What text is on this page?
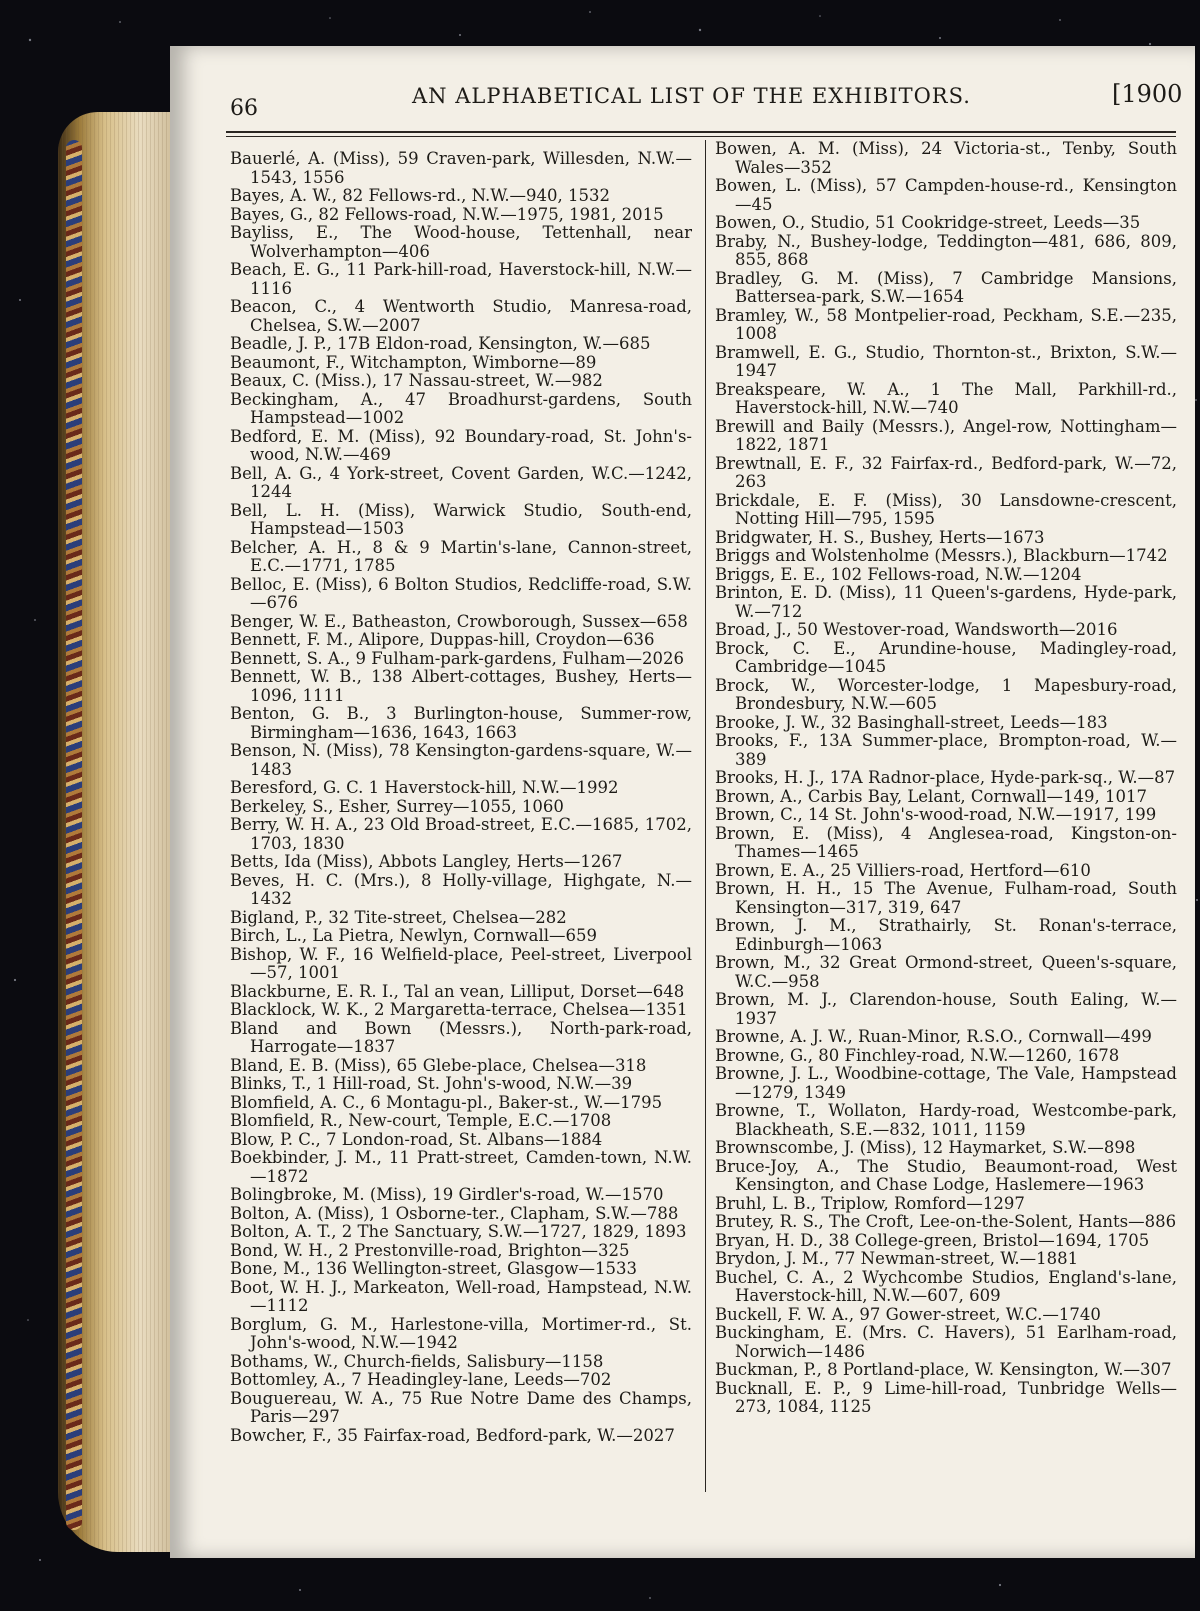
66	AN ALPHABETICAL LIST OF THE EXHIBITORS.	[1900
Bauerlé, A. (Miss), 59 Craven-park, Willesden, N.W.—1543, 1556
Bayes, A. W., 82 Fellows-rd., N.W.—940, 1532
Bayes, G., 82 Fellows-road, N.W.—1975, 1981, 2015
Bayliss, E., The Wood-house, Tettenhall, near Wolverhampton—406
Beach, E. G., 11 Park-hill-road, Haverstock-hill, N.W.—1116
Beacon, C., 4 Wentworth Studio, Manresa-road, Chelsea, S.W.—2007
Beadle, J. P., 17B Eldon-road, Kensington, W.—685
Beaumont, F., Witchampton, Wimborne—89
Beaux, C. (Miss.), 17 Nassau-street, W.—982
Beckingham, A., 47 Broadhurst-gardens, South Hampstead—1002
Bedford, E. M. (Miss), 92 Boundary-road, St. John's-wood, N.W.—469
Bell, A. G., 4 York-street, Covent Garden, W.C.—1242, 1244
Bell, L. H. (Miss), Warwick Studio, South-end, Hampstead—1503
Belcher, A. H., 8 & 9 Martin's-lane, Cannon-street, E.C.—1771, 1785
Belloc, E. (Miss), 6 Bolton Studios, Redcliffe-road, S.W.—676
Benger, W. E., Batheaston, Crowborough, Sussex—658
Bennett, F. M., Alipore, Duppas-hill, Croydon—636
Bennett, S. A., 9 Fulham-park-gardens, Fulham—2026
Bennett, W. B., 138 Albert-cottages, Bushey, Herts—1096, 1111
Benton, G. B., 3 Burlington-house, Summer-row, Birmingham—1636, 1643, 1663
Benson, N. (Miss), 78 Kensington-gardens-square, W.—1483
Beresford, G. C. 1 Haverstock-hill, N.W.—1992
Berkeley, S., Esher, Surrey—1055, 1060
Berry, W. H. A., 23 Old Broad-street, E.C.—1685, 1702, 1703, 1830
Betts, Ida (Miss), Abbots Langley, Herts—1267
Beves, H. C. (Mrs.), 8 Holly-village, Highgate, N.—1432
Bigland, P., 32 Tite-street, Chelsea—282
Birch, L., La Pietra, Newlyn, Cornwall—659
Bishop, W. F., 16 Welfield-place, Peel-street, Liverpool—57, 1001
Blackburne, E. R. I., Tal an vean, Lilliput, Dorset—648
Blacklock, W. K., 2 Margaretta-terrace, Chelsea—1351
Bland and Bown (Messrs.), North-park-road, Harrogate—1837
Bland, E. B. (Miss), 65 Glebe-place, Chelsea—318
Blinks, T., 1 Hill-road, St. John's-wood, N.W.—39
Blomfield, A. C., 6 Montagu-pl., Baker-st., W.—1795
Blomfield, R., New-court, Temple, E.C.—1708
Blow, P. C., 7 London-road, St. Albans—1884
Boekbinder, J. M., 11 Pratt-street, Camden-town, N.W.—1872
Bolingbroke, M. (Miss), 19 Girdler's-road, W.—1570
Bolton, A. (Miss), 1 Osborne-ter., Clapham, S.W.—788
Bolton, A. T., 2 The Sanctuary, S.W.—1727, 1829, 1893
Bond, W. H., 2 Prestonville-road, Brighton—325
Bone, M., 136 Wellington-street, Glasgow—1533
Boot, W. H. J., Markeaton, Well-road, Hampstead, N.W.—1112
Borglum, G. M., Harlestone-villa, Mortimer-rd., St. John's-wood, N.W.—1942
Bothams, W., Church-fields, Salisbury—1158
Bottomley, A., 7 Headingley-lane, Leeds—702
Bouguereau, W. A., 75 Rue Notre Dame des Champs, Paris—297
Bowcher, F., 35 Fairfax-road, Bedford-park, W.—2027
Bowen, A. M. (Miss), 24 Victoria-st., Tenby, South Wales—352
Bowen, L. (Miss), 57 Campden-house-rd., Kensington—45
Bowen, O., Studio, 51 Cookridge-street, Leeds—35
Braby, N., Bushey-lodge, Teddington—481, 686, 809, 855, 868
Bradley, G. M. (Miss), 7 Cambridge Mansions, Battersea-park, S.W.—1654
Bramley, W., 58 Montpelier-road, Peckham, S.E.—235, 1008
Bramwell, E. G., Studio, Thornton-st., Brixton, S.W.—1947
Breakspeare, W. A., 1 The Mall, Parkhill-rd., Haverstock-hill, N.W.—740
Brewill and Baily (Messrs.), Angel-row, Nottingham—1822, 1871
Brewtnall, E. F., 32 Fairfax-rd., Bedford-park, W.—72, 263
Brickdale, E. F. (Miss), 30 Lansdowne-crescent, Notting Hill—795, 1595
Bridgwater, H. S., Bushey, Herts—1673
Briggs and Wolstenholme (Messrs.), Blackburn—1742
Briggs, E. E., 102 Fellows-road, N.W.—1204
Brinton, E. D. (Miss), 11 Queen's-gardens, Hyde-park, W.—712
Broad, J., 50 Westover-road, Wandsworth—2016
Brock, C. E., Arundine-house, Madingley-road, Cambridge—1045
Brock, W., Worcester-lodge, 1 Mapesbury-road, Brondesbury, N.W.—605
Brooke, J. W., 32 Basinghall-street, Leeds—183
Brooks, F., 13A Summer-place, Brompton-road, W.—389
Brooks, H. J., 17A Radnor-place, Hyde-park-sq., W.—87
Brown, A., Carbis Bay, Lelant, Cornwall—149, 1017
Brown, C., 14 St. John's-wood-road, N.W.—1917, 199
Brown, E. (Miss), 4 Anglesea-road, Kingston-on-Thames—1465
Brown, E. A., 25 Villiers-road, Hertford—610
Brown, H. H., 15 The Avenue, Fulham-road, South Kensington—317, 319, 647
Brown, J. M., Strathairly, St. Ronan's-terrace, Edinburgh—1063
Brown, M., 32 Great Ormond-street, Queen's-square, W.C.—958
Brown, M. J., Clarendon-house, South Ealing, W.—1937
Browne, A. J. W., Ruan-Minor, R.S.O., Cornwall—499
Browne, G., 80 Finchley-road, N.W.—1260, 1678
Browne, J. L., Woodbine-cottage, The Vale, Hampstead—1279, 1349
Browne, T., Wollaton, Hardy-road, Westcombe-park, Blackheath, S.E.—832, 1011, 1159
Brownscombe, J. (Miss), 12 Haymarket, S.W.—898
Bruce-Joy, A., The Studio, Beaumont-road, West Kensington, and Chase Lodge, Haslemere—1963
Bruhl, L. B., Triplow, Romford—1297
Brutey, R. S., The Croft, Lee-on-the-Solent, Hants—886
Bryan, H. D., 38 College-green, Bristol—1694, 1705
Brydon, J. M., 77 Newman-street, W.—1881
Buchel, C. A., 2 Wychcombe Studios, England's-lane, Haverstock-hill, N.W.—607, 609
Buckell, F. W. A., 97 Gower-street, W.C.—1740
Buckingham, E. (Mrs. C. Havers), 51 Earlham-road, Norwich—1486
Buckman, P., 8 Portland-place, W. Kensington, W.—307
Bucknall, E. P., 9 Lime-hill-road, Tunbridge Wells—273, 1084, 1125
